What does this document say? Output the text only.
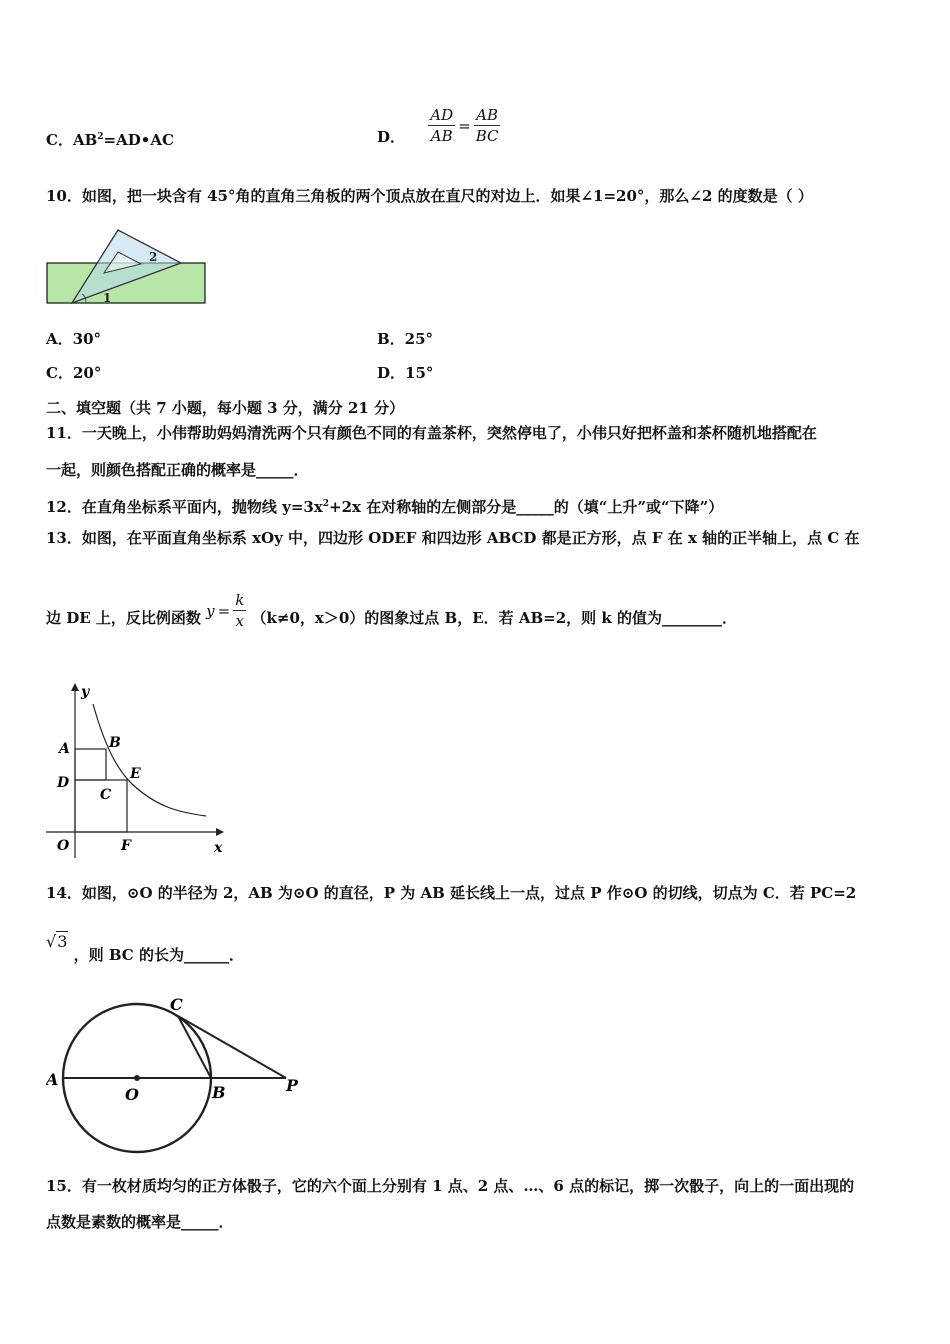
C．$AB^2=AD•AC$	D． $\frac{AD}{AB} = \frac{AB}{BC}$
10．如图，把一块含有 45°角的直角三角板的两个顶点放在直尺的对边上．如果∠1=20°，那么∠2 的度数是（ ）
2
1
A．30°	B．25°
C．20°	D．15°
二、填空题（共 7 小题，每小题 3 分，满分 21 分）
11．一天晚上，小伟帮助妈妈清洗两个只有颜色不同的有盖茶杯，突然停电了，小伟只好把杯盖和茶杯随机地搭配在
一起，则颜色搭配正确的概率是_____．
12．在直角坐标系平面内，抛物线 $y=3x^2+2x$ 在对称轴的左侧部分是_____的（填“上升”或“下降”）
13．如图，在平面直角坐标系 xOy 中，四边形 ODEF 和四边形 ABCD 都是正方形，点 F 在 x 轴的正半轴上，点 C 在
边 DE 上，反比例函数 $y = \frac{k}{x} (k\ne 0$，x＞0）的图象过点 B，E．若 AB=2，则 k 的值为________．
y
x
A	B
D
E
C
O	F
14．如图，⊙O 的半径为 2，AB 为⊙O 的直径，P 为 AB 延长线上一点，过点 P 作⊙O 的切线，切点为 C．若 PC=2
√3 ，则 BC 的长为______．
A
O	B
C
P
15．有一枚材质均匀的正方体骰子，它的六个面上分别有 1 点、2 点、…、6 点的标记，掷一次骰子，向上的一面出现的
点数是素数的概率是_____．
